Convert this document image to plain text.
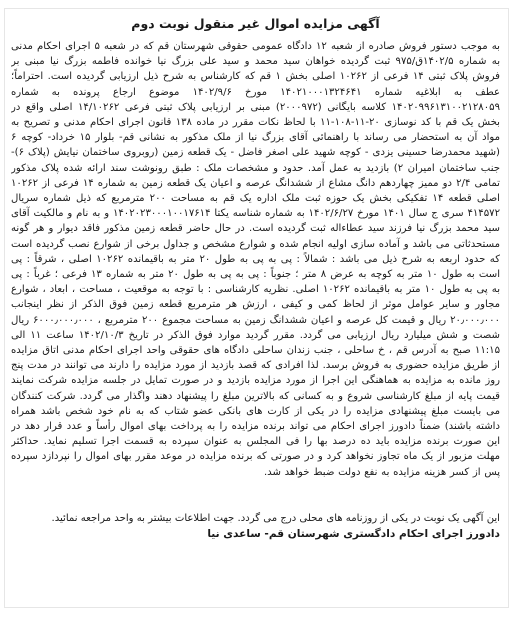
آگهی مزایده اموال غیر منقول نوبت دوم

به موجب دستور فروش صادره از شعبه ۱۲ دادگاه عمومی حقوقی شهرستان قم که در شعبه ۵ اجرای احکام مدنی به شماره ۱۴۰۲/۵ق/۹۷۵ ثبت گردیده خواهان سید محمد و سید علی بزرگ نیا خوانده فاطمه بزرگ نیا مبنی بر فروش پلاک ثبتی ۱۴ فرعی از ۱۰۲۶۲ اصلی بخش ۱ قم که کارشناس به شرح ذیل ارزیابی گردیده است. احتراماً؛ عطف به ابلاغیه شماره ۱۴۰۲۱۰۰۰۱۳۲۴۶۴۱ مورخ ۱۴۰۲/۹/۶ موضوع ارجاع پرونده به شماره ۱۴۰۲۰۹۹۶۱۳۱۰۰۲۱۲۸۰۵۹ کلاسه بایگانی (۲۰۰۰۹۷۲) مبنی بر ارزیابی پلاک ثبتی فرعی ۱۴/۱۰۲۶۲ اصلی واقع در بخش یک قم با کد نوسازی ۲۰-۱۱-۱۰۸-۱۱ با لحاظ نکات مقرر در ماده ۱۳۸ قانون اجرای احکام مدنی و تصریح به مواد آن به استحضار می رساند با راهنمائی آقای بزرگ نیا از ملک مذکور به نشانی قم- بلوار ۱۵ خرداد- کوچه ۶ (شهید محمدرضا حسینی یزدی - کوچه شهید علی اصغر فاضل - یک قطعه زمین (روبروی ساختمان نیایش (پلاک ۶)- جنب ساختمان امیران ۲) بازدید به عمل آمد. حدود و مشخصات ملک : طبق رونوشت سند ارائه شده پلاک مذکور تمامی ۲/۴ دو ممیز چهاردهم دانگ مشاع از ششدانگ عرصه و اعیان یک قطعه زمین به شماره ۱۴ فرعی از ۱۰۲۶۲ اصلی قطعه ۱۴ تفکیکی بخش یک حوزه ثبت ملک اداره یک قم به مساحت ۲۰۰ مترمربع که ذیل شماره سریال ۴۱۴۵۷۲ سری ج سال ۱۴۰۱ مورخ ۱۴۰۲/۶/۲۷ به شماره شناسه یکتا ۱۴۰۲۰۲۳۰۰۰۱۰۰۱۷۶۱۴ و به نام و مالکیت آقای سید محمد بزرگ نیا فرزند سید عطاءاله ثبت گردیده است. در حال حاضر قطعه زمین مذکور فاقد دیوار و هر گونه مستحدثاتی می باشد و آماده سازی اولیه انجام شده و شوارع مشخص و جداول برخی از شوارع نصب گردیده است که حدود اربعه به شرح ذیل می باشد : شمالاً : پی به پی به طول ۲۰ متر به باقیمانده ۱۰۲۶۲ اصلی ، شرقاً : پی است به طول ۱۰ متر به کوچه به عرض ۸ متر ؛ جنوباً : پی به پی به طول ۲۰ متر به شماره ۱۳ فرعی ؛ غرباً : پی به پی به طول ۱۰ متر به باقیمانده ۱۰۲۶۲ اصلی. نظریه کارشناسی : با توجه به موقعیت ، مساحت ، ابعاد ، شوارع مجاور و سایر عوامل موثر از لحاظ کمی و کیفی ، ارزش هر مترمربع قطعه زمین فوق الذکر از نظر اینجانب ۲۰٫۰۰۰٫۰۰۰ ریال و قیمت کل عرصه و اعیان ششدانگ زمین به مساحت مجموع ۲۰۰ مترمربع ، ۶۰۰۰٫۰۰۰٫۰۰۰ ریال شصت و شش میلیارد ریال ارزیابی می گردد. مقرر گردید موارد فوق الذکر در تاریخ ۱۴۰۲/۱۰/۳ ساعت ۱۱ الی ۱۱:۱۵ صبح به آدرس قم ، خ ساحلی ، جنب زندان ساحلی دادگاه های حقوقی واحد اجرای احکام مدنی اتاق مزایده از طریق مزایده حضوری به فروش برسد. لذا افرادی که قصد بازدید از مورد مزایده را دارند می توانند در مدت پنج روز مانده به مزایده به هماهنگی این اجرا از مورد مزایده بازدید و در صورت تمایل در جلسه مزایده شرکت نمایند قیمت پایه از مبلغ کارشناسی شروع و به کسانی که بالاترین مبلغ را پیشنهاد دهند واگذار می گردد. شرکت کنندگان می بایست مبلغ پیشنهادی مزایده را در یکی از کارت های بانکی عضو شتاب که به نام خود شخص باشد همراه داشته باشند) ضمناً دادورز اجرای احکام می تواند برنده مزایده را به پرداخت بهای اموال رأساً و عدد قرار دهد در این صورت برنده مزایده باید ده درصد بها را فی المجلس به عنوان سپرده به قسمت اجرا تسلیم نماید. حداکثر مهلت مزبور از یک ماه تجاوز نخواهد کرد و در صورتی که برنده مزایده در موعد مقرر بهای اموال را نپردازد سپرده پس از کسر هزینه مزایده به نفع دولت ضبط خواهد شد.

این آگهی یک نوبت در یکی از روزنامه های محلی درج می گردد. جهت اطلاعات بیشتر به واحد مراجعه نمائید.

دادورز اجرای احکام دادگستری شهرستان قم- ساعدی نیا
